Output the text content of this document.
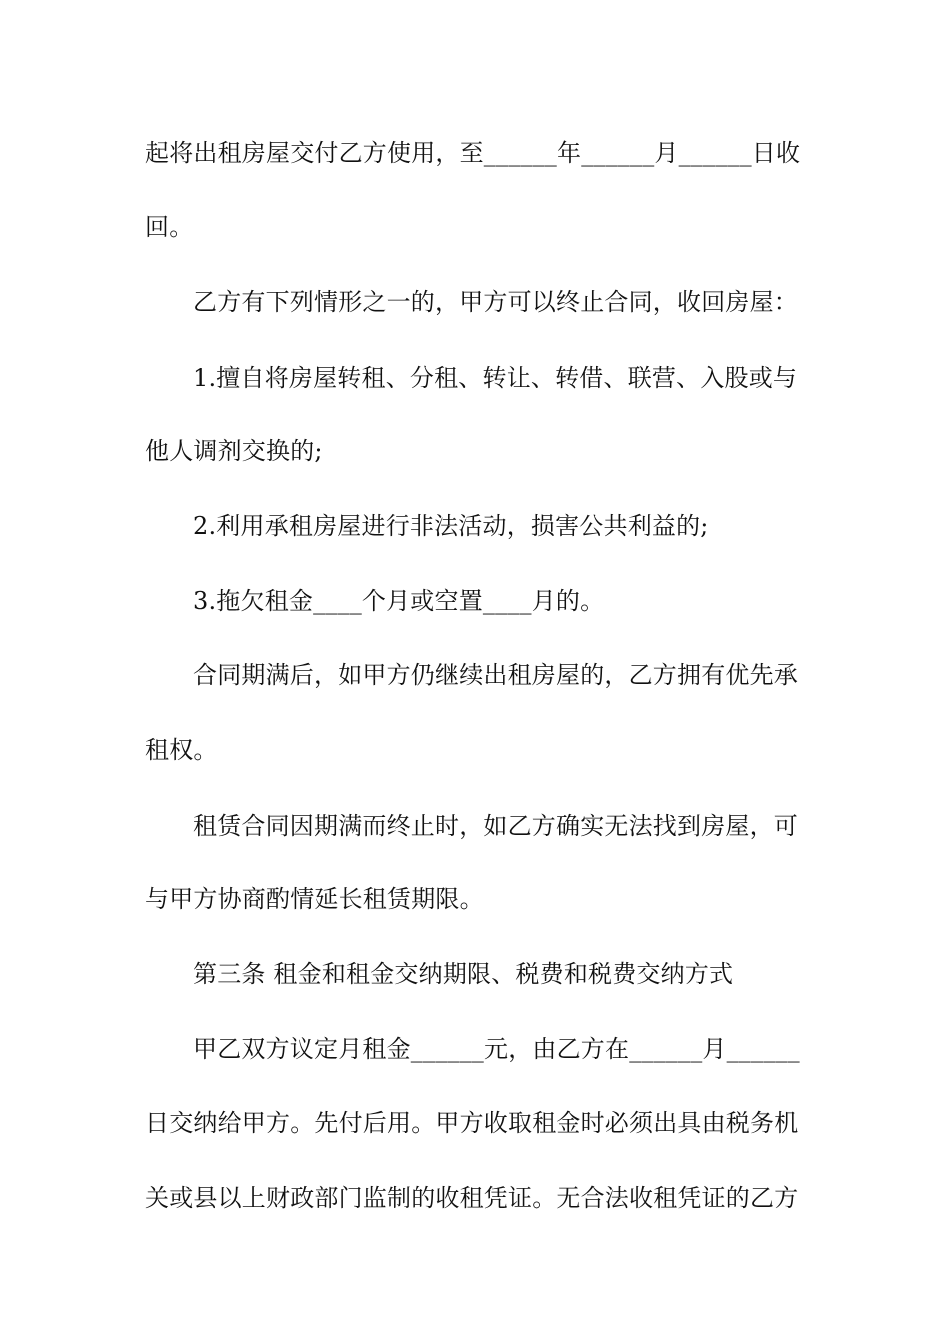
起将出租房屋交付乙方使用，至______年______月______日收
回。
乙方有下列情形之一的，甲方可以终止合同，收回房屋：
1.擅自将房屋转租、分租、转让、转借、联营、入股或与
他人调剂交换的;
2.利用承租房屋进行非法活动，损害公共利益的;
3.拖欠租金____个月或空置____月的。
合同期满后，如甲方仍继续出租房屋的，乙方拥有优先承
租权。
租赁合同因期满而终止时，如乙方确实无法找到房屋，可
与甲方协商酌情延长租赁期限。
第三条 租金和租金交纳期限、税费和税费交纳方式
甲乙双方议定月租金______元，由乙方在______月______
日交纳给甲方。先付后用。甲方收取租金时必须出具由税务机
关或县以上财政部门监制的收租凭证。无合法收租凭证的乙方
